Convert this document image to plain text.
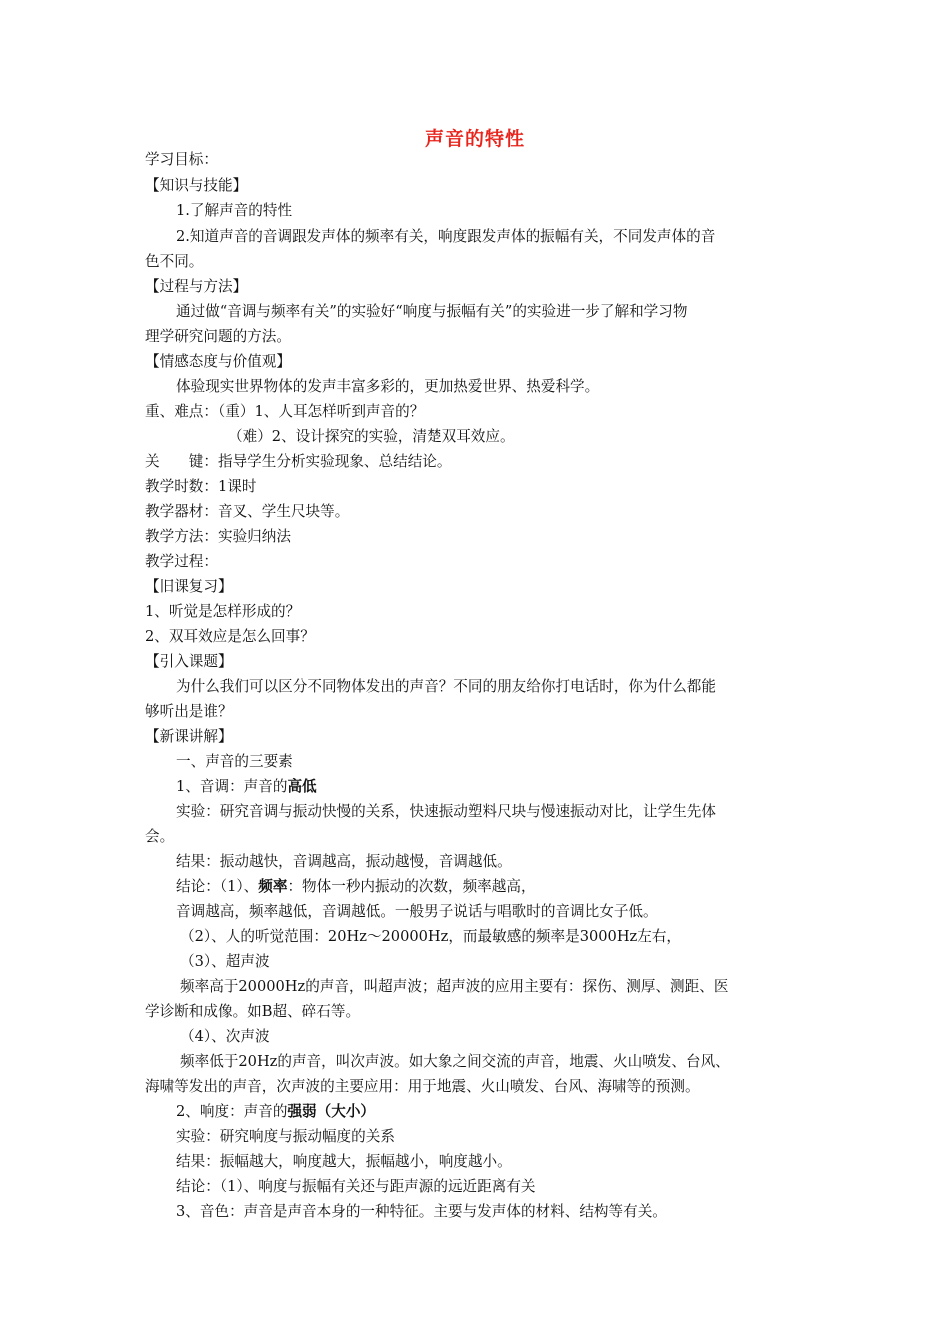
声音的特性
学习目标：
【知识与技能】
1.了解声音的特性
2.知道声音的音调跟发声体的频率有关，响度跟发声体的振幅有关，不同发声体的音
色不同。
【过程与方法】
通过做“音调与频率有关”的实验好“响度与振幅有关”的实验进一步了解和学习物
理学研究问题的方法。
【情感态度与价值观】
体验现实世界物体的发声丰富多彩的，更加热爱世界、热爱科学。
重、难点：（重）1、人耳怎样听到声音的？
（难）2、设计探究的实验，清楚双耳效应。
关　　键：指导学生分析实验现象、总结结论。
教学时数：1课时
教学器材：音叉、学生尺块等。
教学方法：实验归纳法
教学过程：
【旧课复习】
1、听觉是怎样形成的？
2、双耳效应是怎么回事？
【引入课题】
为什么我们可以区分不同物体发出的声音？不同的朋友给你打电话时，你为什么都能
够听出是谁？
【新课讲解】
一、声音的三要素
1、音调：声音的高低
实验：研究音调与振动快慢的关系，快速振动塑料尺块与慢速振动对比，让学生先体
会。
结果：振动越快，音调越高，振动越慢，音调越低。
结论：（1）、频率：物体一秒内振动的次数，频率越高，
音调越高，频率越低，音调越低。一般男子说话与唱歌时的音调比女子低。
（2）、人的听觉范围：20Hz～20000Hz，而最敏感的频率是3000Hz左右，
（3）、超声波
频率高于20000Hz的声音，叫超声波；超声波的应用主要有：探伤、测厚、测距、医
学诊断和成像。如B超、碎石等。
（4）、次声波
频率低于20Hz的声音，叫次声波。如大象之间交流的声音，地震、火山喷发、台风、
海啸等发出的声音，次声波的主要应用：用于地震、火山喷发、台风、海啸等的预测。
2、响度：声音的强弱（大小）
实验：研究响度与振动幅度的关系
结果：振幅越大，响度越大，振幅越小，响度越小。
结论：（1）、响度与振幅有关还与距声源的远近距离有关
3、音色：声音是声音本身的一种特征。主要与发声体的材料、结构等有关。
